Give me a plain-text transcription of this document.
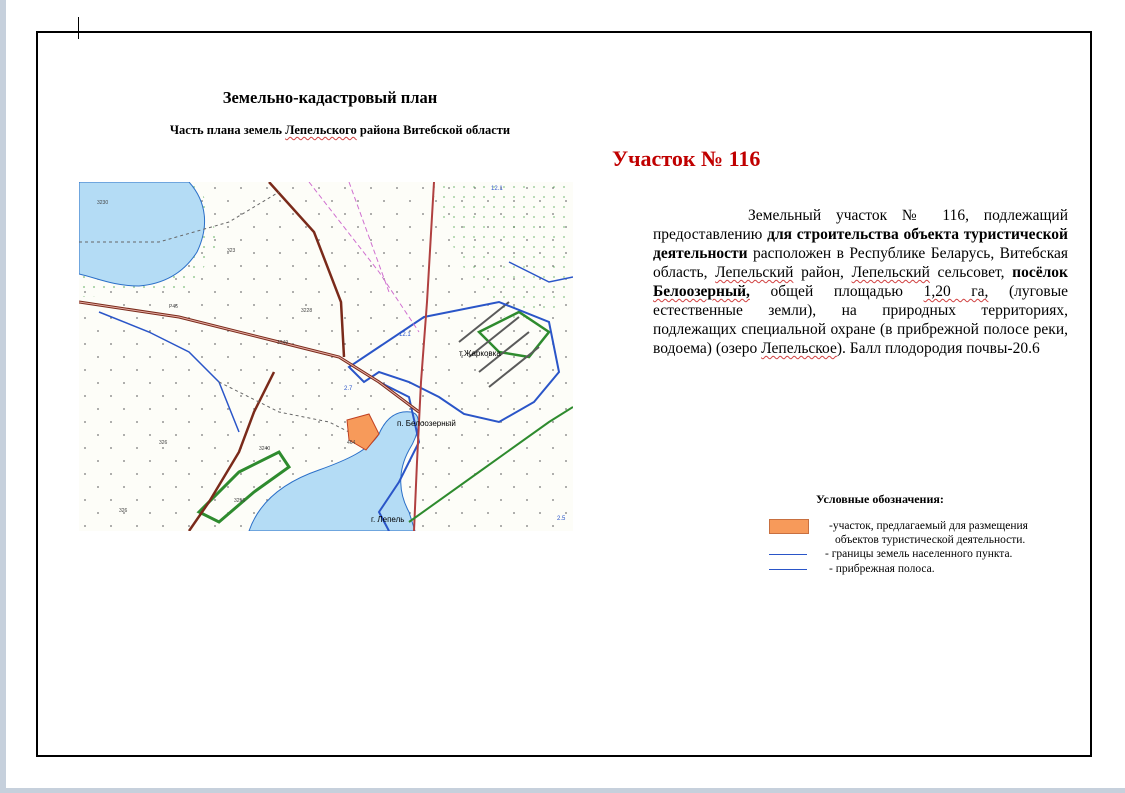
Земельно-кадастровый план
Часть плана земель Лепельского района Витебской области
Участок № 116
Земельный участок № 116, подлежащий предоставлению для строительства объекта туристической деятельности расположен в Республике Беларусь, Витебская область, Лепельский район, Лепельский сельсовет, посёлок Белоозерный, общей площадью 1,20 га, (луговые естественные земли), на природных территориях, подлежащих специальной охране (в прибрежной полосе реки, водоема) (озеро Лепельское). Балл плодородия почвы-20.6
т.Жарковка
п. Белоозерный
г. Лепель
12.1
12.1
2.7
2.5
3230
3240
3228
3249
326	464
323
Р46
3256
326
Условные обозначения:
-участок, предлагаемый для размещения
объектов туристической деятельности.
- границы земель населенного пункта.
- прибрежная полоса.
